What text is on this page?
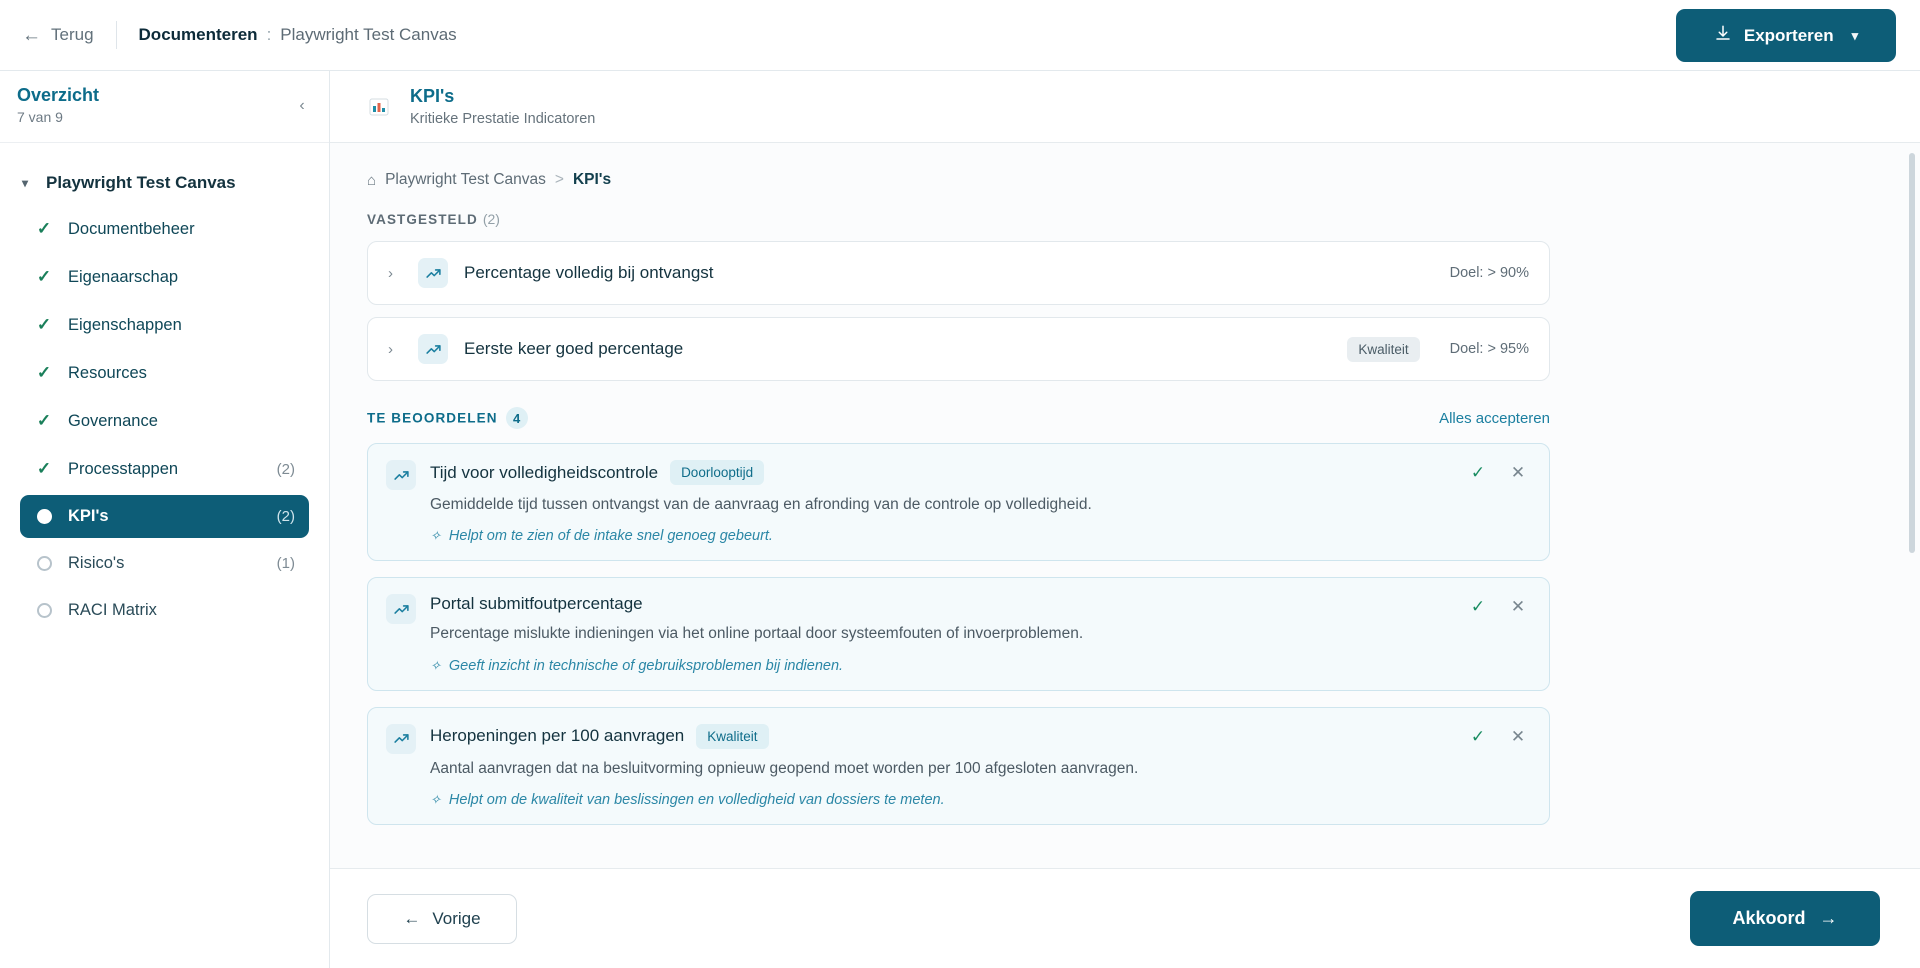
← Terug	Documenteren : Playwright Test Canvas	Exporteren ▾
Overzicht
7 van 9
‹
▾	Playwright Test Canvas
✓ Documentbeheer
✓ Eigenaarschap
✓ Eigenschappen
✓ Resources
✓ Governance
✓ Processtappen	(2)
KPI's	(2)
Risico's	(1)
RACI Matrix
KPI's
Kritieke Prestatie Indicatoren
⌂ Playwright Test Canvas > KPI's
VASTGESTELD (2)
›	Percentage volledig bij ontvangst	Doel: > 90%
›	Eerste keer goed percentage	Kwaliteit	Doel: > 95%
TE BEOORDELEN 4	Alles accepteren
Tijd voor volledigheidscontrole	Doorlooptijd
Gemiddelde tijd tussen ontvangst van de aanvraag en afronding van de controle op volledigheid.
✧ Helpt om te zien of de intake snel genoeg gebeurt.
✓ ✕
Portal submitfoutpercentage
Percentage mislukte indieningen via het online portaal door systeemfouten of invoerproblemen.
✧ Geeft inzicht in technische of gebruiksproblemen bij indienen.
✓ ✕
Heropeningen per 100 aanvragen	Kwaliteit
Aantal aanvragen dat na besluitvorming opnieuw geopend moet worden per 100 afgesloten aanvragen.
✧ Helpt om de kwaliteit van beslissingen en volledigheid van dossiers te meten.
✓ ✕
← Vorige	Akkoord →
